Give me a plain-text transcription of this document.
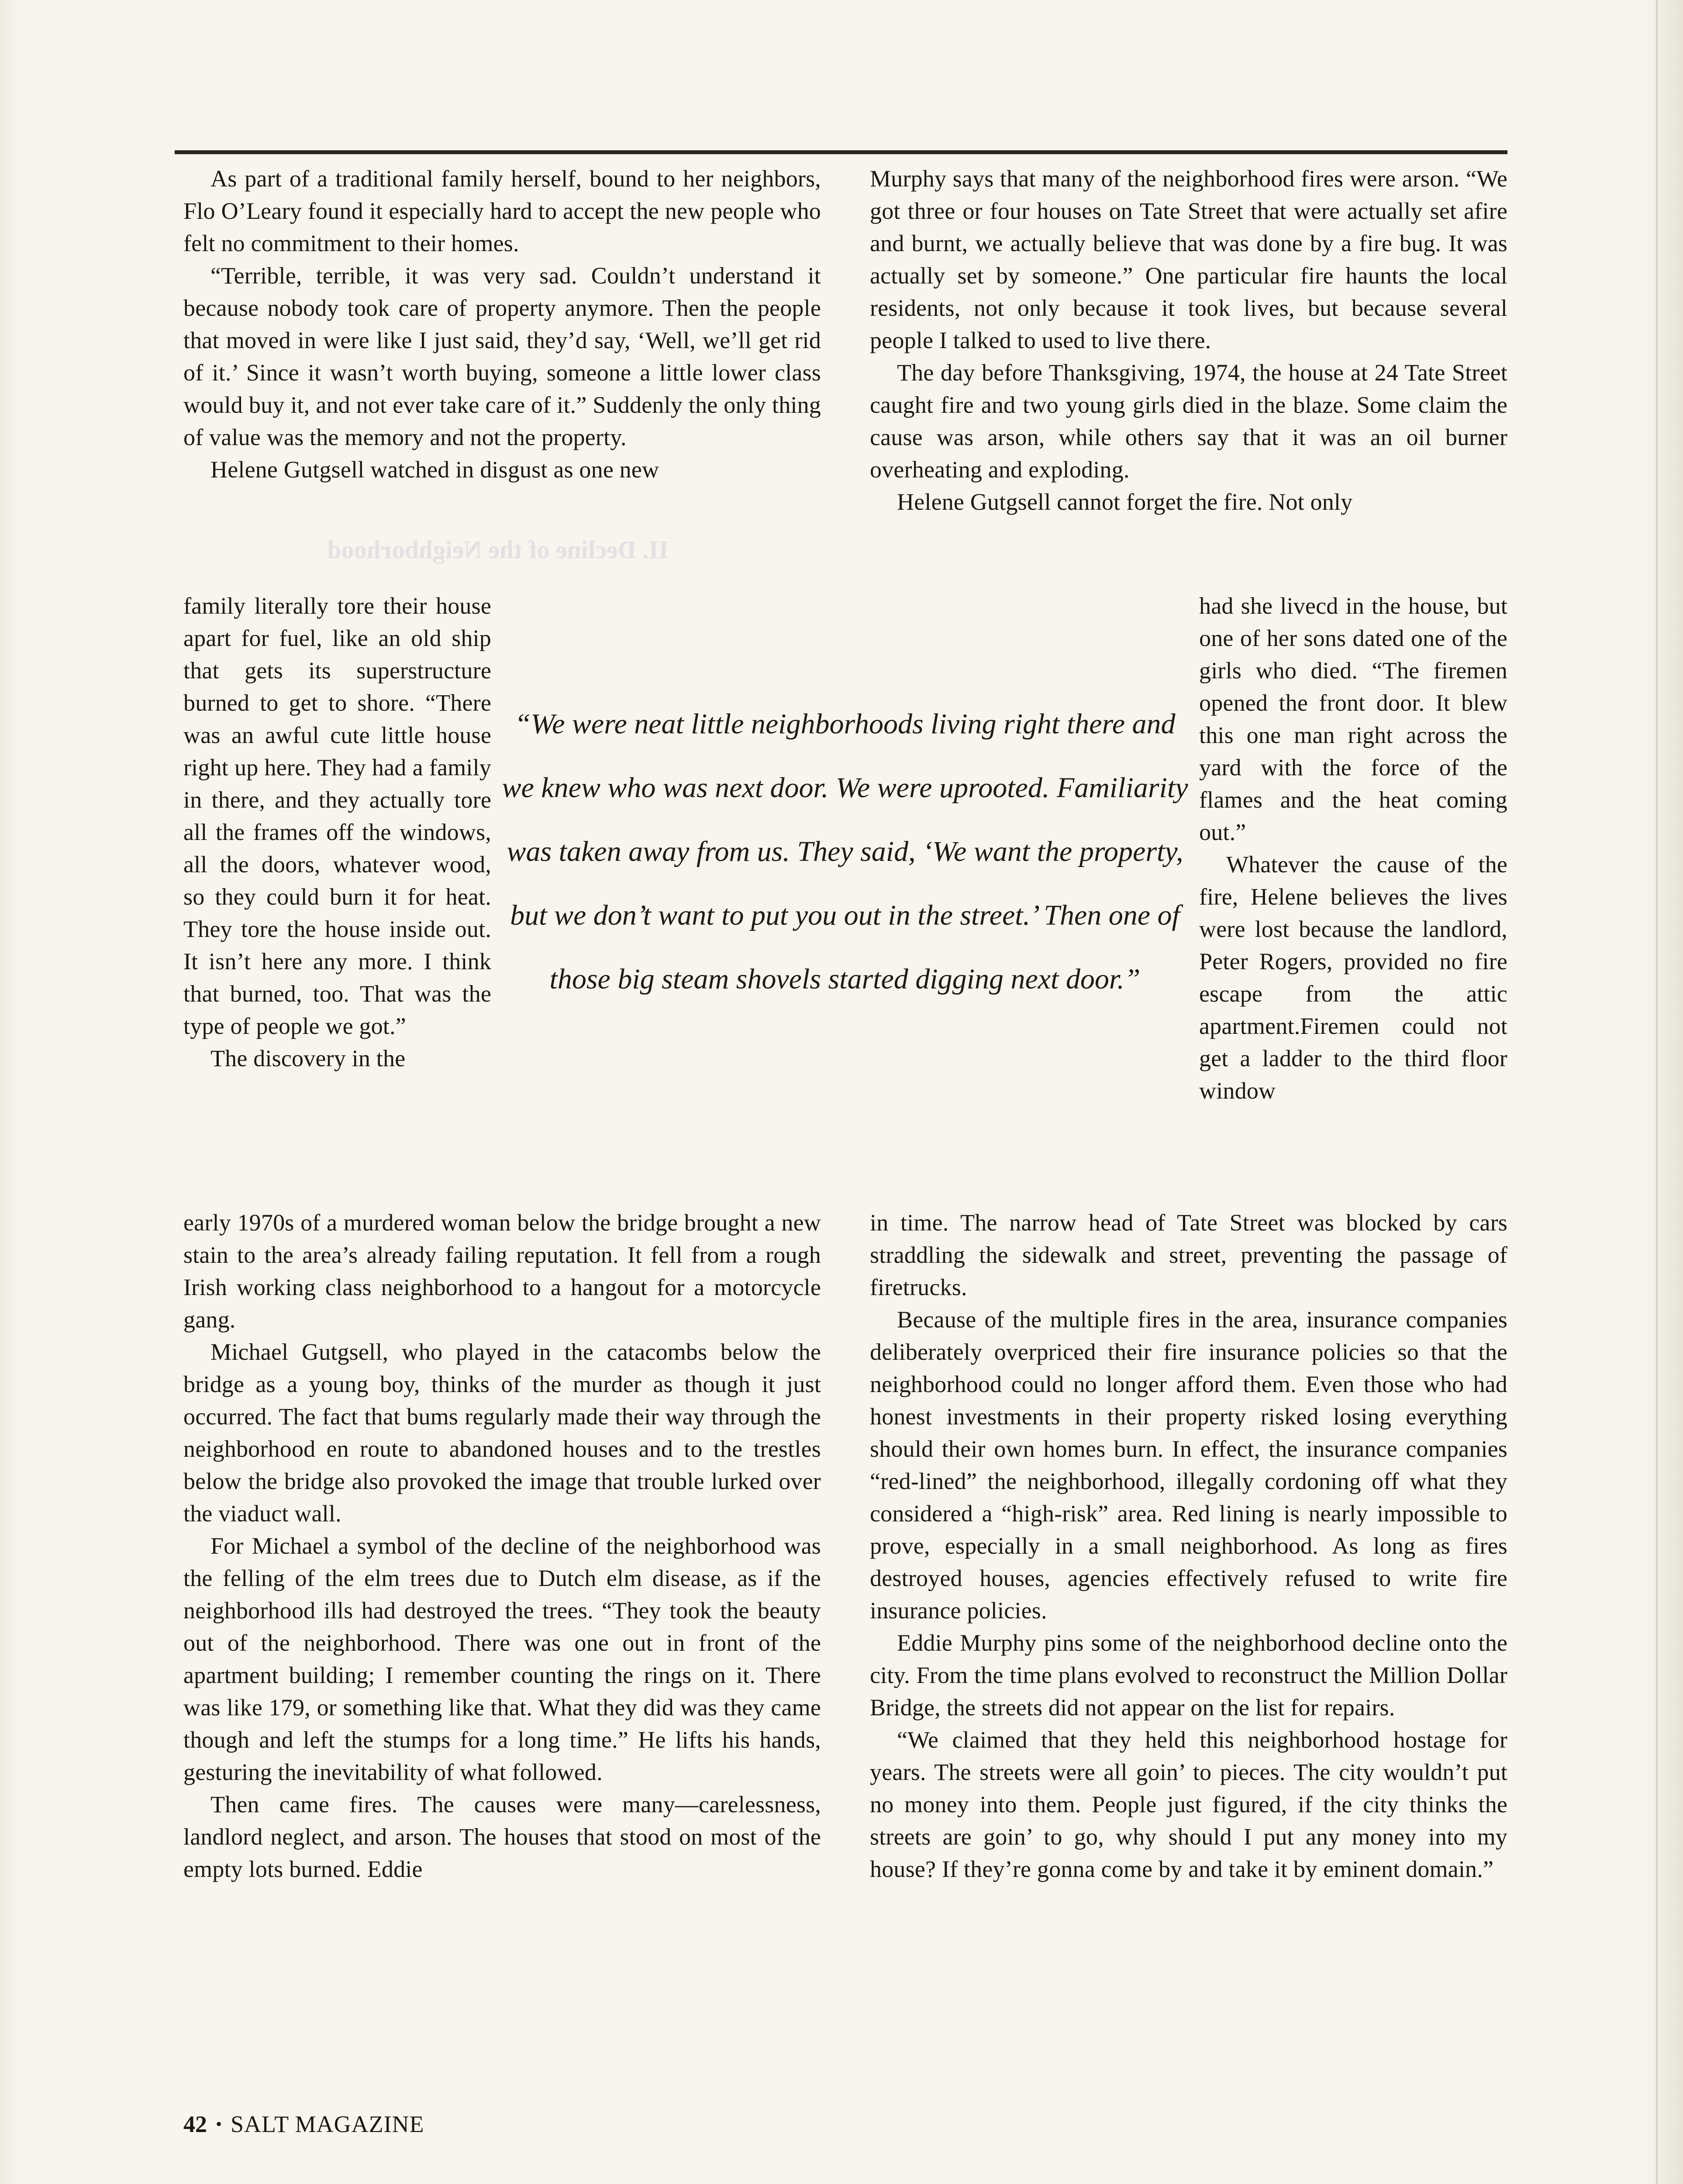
II. Decline of the Neighborhood

As part of a traditional family herself, bound to her neighbors, Flo O’Leary found it especially hard to accept the new people who felt no commitment to their homes.

“Terrible, terrible, it was very sad. Couldn’t understand it because nobody took care of property anymore. Then the people that moved in were like I just said, they’d say, ‘Well, we’ll get rid of it.’ Since it wasn’t worth buying, someone a little lower class would buy it, and not ever take care of it.” Suddenly the only thing of value was the memory and not the property.

Helene Gutgsell watched in disgust as one new

family literally tore their house apart for fuel, like an old ship that gets its superstructure burned to get to shore. “There was an awful cute little house right up here. They had a family in there, and they actually tore all the frames off the windows, all the doors, whatever wood, so they could burn it for heat. They tore the house inside out. It isn’t here any more. I think that burned, too. That was the type of people we got.”

The discovery in the

early 1970s of a murdered woman below the bridge brought a new stain to the area’s already failing reputation. It fell from a rough Irish working class neighborhood to a hangout for a motorcycle gang.

Michael Gutgsell, who played in the catacombs below the bridge as a young boy, thinks of the murder as though it just occurred. The fact that bums regularly made their way through the neighborhood en route to abandoned houses and to the trestles below the bridge also provoked the image that trouble lurked over the viaduct wall.

For Michael a symbol of the decline of the neighborhood was the felling of the elm trees due to Dutch elm disease, as if the neighborhood ills had destroyed the trees. “They took the beauty out of the neighborhood. There was one out in front of the apartment building; I remember counting the rings on it. There was like 179, or something like that. What they did was they came though and left the stumps for a long time.” He lifts his hands, gesturing the inevitability of what followed.

Then came fires. The causes were many—carelessness, landlord neglect, and arson. The houses that stood on most of the empty lots burned. Eddie

“We were neat little neighborhoods living right there and we knew who was next door. We were uprooted. Familiarity was taken away from us. They said, ‘We want the property, but we don’t want to put you out in the street.’ Then one of those big steam shovels started digging next door.”

Murphy says that many of the neighborhood fires were arson. “We got three or four houses on Tate Street that were actually set afire and burnt, we actually believe that was done by a fire bug. It was actually set by someone.” One particular fire haunts the local residents, not only because it took lives, but because several people I talked to used to live there.

The day before Thanksgiving, 1974, the house at 24 Tate Street caught fire and two young girls died in the blaze. Some claim the cause was arson, while others say that it was an oil burner overheating and exploding.

Helene Gutgsell cannot forget the fire. Not only

had she livecd in the house, but one of her sons dated one of the girls who died. “The firemen opened the front door. It blew this one man right across the yard with the force of the flames and the heat coming out.”

Whatever the cause of the fire, Helene believes the lives were lost because the landlord, Peter Rogers, provided no fire escape from the attic apartment.Firemen could not get a ladder to the third floor window

in time. The narrow head of Tate Street was blocked by cars straddling the sidewalk and street, preventing the passage of firetrucks.

Because of the multiple fires in the area, insurance companies deliberately overpriced their fire insurance policies so that the neighborhood could no longer afford them. Even those who had honest investments in their property risked losing everything should their own homes burn. In effect, the insurance companies “red-lined” the neighborhood, illegally cordoning off what they considered a “high-risk” area. Red lining is nearly impossible to prove, especially in a small neighborhood. As long as fires destroyed houses, agencies effectively refused to write fire insurance policies.

Eddie Murphy pins some of the neighborhood decline onto the city. From the time plans evolved to reconstruct the Million Dollar Bridge, the streets did not appear on the list for repairs.

“We claimed that they held this neighborhood hostage for years. The streets were all goin’ to pieces. The city wouldn’t put no money into them. People just figured, if the city thinks the streets are goin’ to go, why should I put any money into my house? If they’re gonna come by and take it by eminent domain.”

42 • SALT MAGAZINE
